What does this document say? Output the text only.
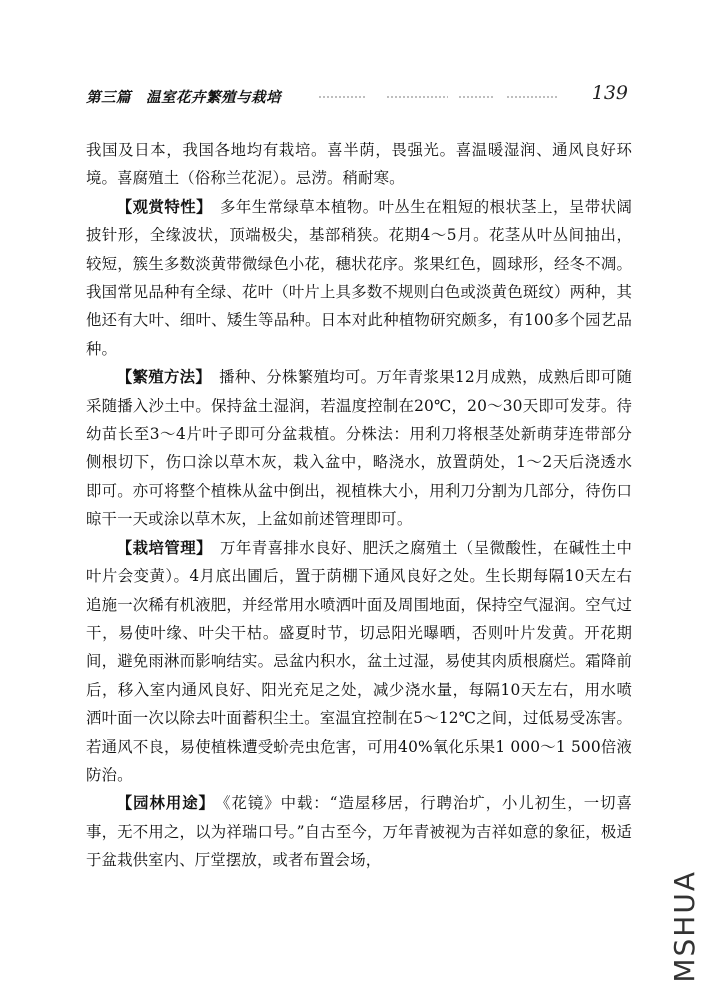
第三篇　温室花卉繁殖与栽培	139

我国及日本，我国各地均有栽培。喜半荫，畏强光。喜温暖湿润、通风良好环境。喜腐殖土（俗称兰花泥）。忌涝。稍耐寒。

【观赏特性】 多年生常绿草本植物。叶丛生在粗短的根状茎上，呈带状阔披针形，全缘波状，顶端极尖，基部稍狭。花期4～5月。花茎从叶丛间抽出，较短，簇生多数淡黄带微绿色小花，穗状花序。浆果红色，圆球形，经冬不凋。我国常见品种有全绿、花叶（叶片上具多数不规则白色或淡黄色斑纹）两种，其他还有大叶、细叶、矮生等品种。日本对此种植物研究颇多，有100多个园艺品种。

【繁殖方法】 播种、分株繁殖均可。万年青浆果12月成熟，成熟后即可随采随播入沙土中。保持盆土湿润，若温度控制在20℃，20～30天即可发芽。待幼苗长至3～4片叶子即可分盆栽植。分株法：用利刀将根茎处新萌芽连带部分侧根切下，伤口涂以草木灰，栽入盆中，略浇水，放置荫处，1～2天后浇透水即可。亦可将整个植株从盆中倒出，视植株大小，用利刀分割为几部分，待伤口晾干一天或涂以草木灰，上盆如前述管理即可。

【栽培管理】 万年青喜排水良好、肥沃之腐殖土（呈微酸性，在碱性土中叶片会变黄）。4月底出圃后，置于荫棚下通风良好之处。生长期每隔10天左右追施一次稀有机液肥，并经常用水喷洒叶面及周围地面，保持空气湿润。空气过干，易使叶缘、叶尖干枯。盛夏时节，切忌阳光曝晒，否则叶片发黄。开花期间，避免雨淋而影响结实。忌盆内积水，盆土过湿，易使其肉质根腐烂。霜降前后，移入室内通风良好、阳光充足之处，减少浇水量，每隔10天左右，用水喷洒叶面一次以除去叶面蓄积尘土。室温宜控制在5～12℃之间，过低易受冻害。若通风不良，易使植株遭受蚧壳虫危害，可用40%氧化乐果1 000～1 500倍液防治。

【园林用途】 《花镜》中载：“造屋移居，行聘治圹，小儿初生，一切喜事，无不用之，以为祥瑞口号。”自古至今，万年青被视为吉祥如意的象征，极适于盆栽供室内、厅堂摆放，或者布置会场，

MSHUA
